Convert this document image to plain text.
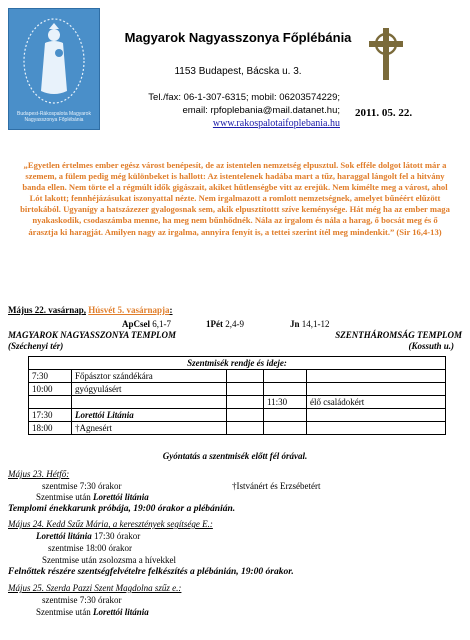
Budapest-Rákospalota Magyarok Nagyasszonya Főplébánia
Magyarok Nagyasszonya Főplébánia
1153 Budapest, Bácska u. 3.
Tel./fax: 06-1-307-6315; mobil: 06203574229;
email: rpfoplebania@mail.datanet.hu;
www.rakospalotaifoplebania.hu
2011. 05. 22.
„Egyetlen értelmes ember egész várost benépesít, de az istentelen nemzetség elpusztul. Sok efféle dolgot látott már a szemem, a fülem pedig még különbeket is hallott: Az istentelenek hadába mart a tűz, haraggal lángolt fel a hitvány banda ellen. Nem törte el a régmúlt idők gigászait, akiket hűtlenségbe vitt az erejük. Nem kímélte meg a várost, ahol Lót lakott; fennhéjázásukat iszonyattal nézte. Nem irgalmazott a romlott nemzetségnek, amelyet bűnéért elűzött birtokából. Ugyanígy a hatszázezer gyalogosnak sem, akik elpusztítottt szíve keménysége. Hát még ha az ember maga nyakaskodik, csodaszámba menne, ha meg nem bűnhődnék. Nála az irgalom és nála a harag, ő bocsát meg és ő árasztja ki haragját. Amilyen nagy az irgalma, annyira fenyít is, a tettei szerint ítél meg mindenkit.” (Sir 16,4-13)
Május 22. vasárnap, Húsvét 5. vasárnapja:
ApCsel 6,1-7	1Pét 2,4-9	Jn 14,1-12
MAGYAROK NAGYASSZONYA TEMPLOM	SZENTHÁROMSÁG TEMPLOM
(Széchenyi tér)	(Kossuth u.)
Szentmisék rendje és ideje:				
7:30	Főpásztor szándékára			
10:00	gyógyulásért			
			11:30	élő családokért
17:30	Lorettói Litánia			
18:00	†Agnesért			
Gyóntatás a szentmisék előtt fél órával.
Május 23. Hétfő:
szentmise 7:30 órakor	†Istvánért és Erzsébetért
Szentmise után Lorettói litánia
Templomi énekkarunk próbája, 19:00 órakor a plébánián.
Május 24. Kedd Szűz Mária, a keresztények segítsége E.:
Lorettói litánia 17:30 órakor
szentmise 18:00 órakor
Szentmise után zsolozsma a hívekkel
Felnőttek részére szentségfelvételre felkészítés a plébánián, 19:00 órakor.
Május 25. Szerda Pazzi Szent Magdolna szűz e.:
szentmise 7:30 órakor
Szentmise után Lorettói litánia
